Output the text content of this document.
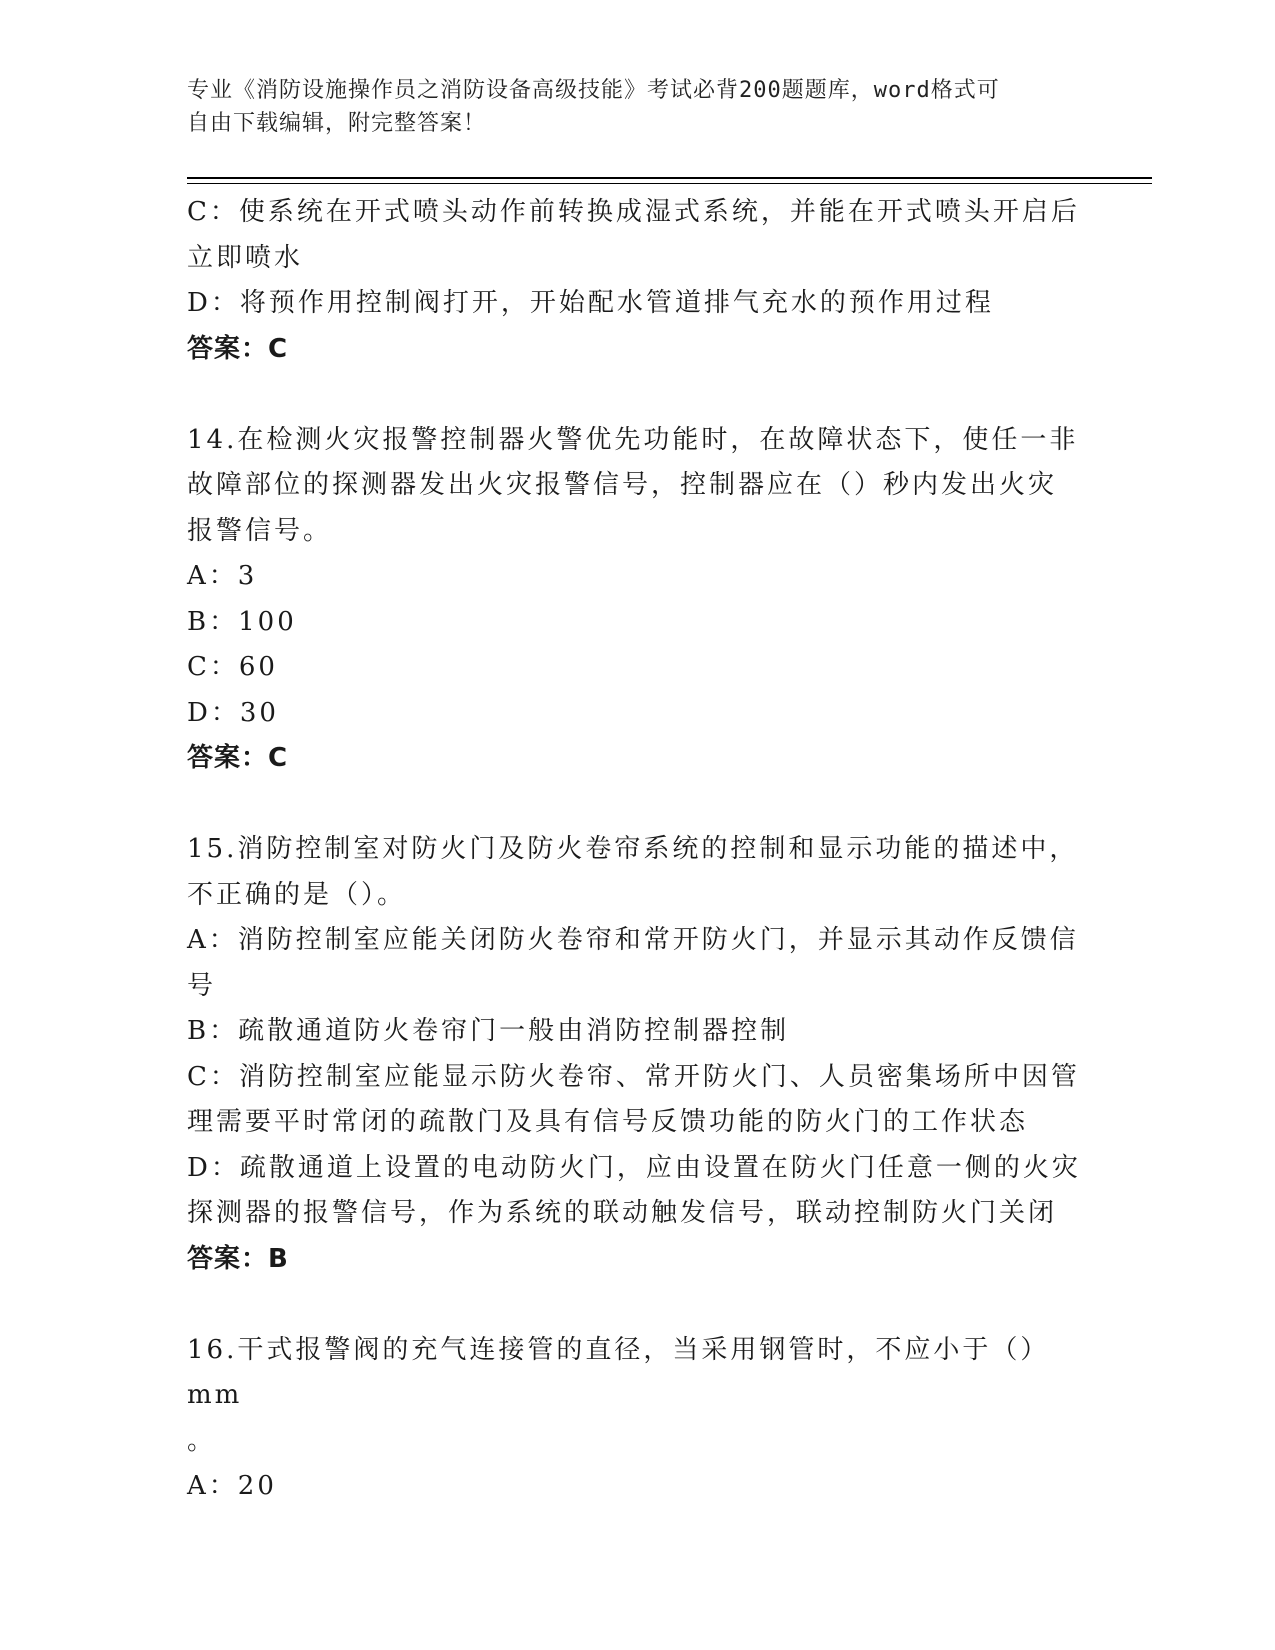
专业《消防设施操作员之消防设备高级技能》考试必背200题题库，word格式可
自由下载编辑，附完整答案！
C：使系统在开式喷头动作前转换成湿式系统，并能在开式喷头开启后
立即喷水
D：将预作用控制阀打开，开始配水管道排气充水的预作用过程
答案：C
14.在检测火灾报警控制器火警优先功能时，在故障状态下，使任一非
故障部位的探测器发出火灾报警信号，控制器应在（）秒内发出火灾
报警信号。
A：3
B：100
C：60
D：30
答案：C
15.消防控制室对防火门及防火卷帘系统的控制和显示功能的描述中，
不正确的是（）。
A：消防控制室应能关闭防火卷帘和常开防火门，并显示其动作反馈信
号
B：疏散通道防火卷帘门一般由消防控制器控制
C：消防控制室应能显示防火卷帘、常开防火门、人员密集场所中因管
理需要平时常闭的疏散门及具有信号反馈功能的防火门的工作状态
D：疏散通道上设置的电动防火门，应由设置在防火门任意一侧的火灾
探测器的报警信号，作为系统的联动触发信号，联动控制防火门关闭
答案：B
16.干式报警阀的充气连接管的直径，当采用钢管时，不应小于（）mm
。
A：20
